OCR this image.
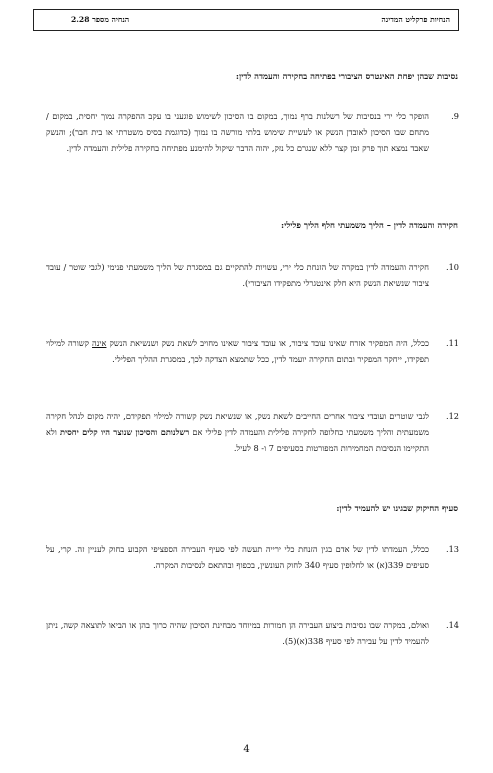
הנחיות פרקליט המדינה
הנחיה מספר 2.28
נסיבות שבהן יפחת האינטרס הציבורי בפתיחה בחקירה והעמדה לדין:
9.
הופקר כלי ירי בנסיבות של רשלנות ברף נמוך, במקום בו הסיכון לשימוש פוגעני בו עקב ההפקרה נמוך יחסית, במקום / מתחם שבו הסיכון לאובדן הנשק או לעשיית שימוש בלתי מורשה בו נמוך (כדוגמת בסיס משטרתי או בית חבר); והנשק שאבד נמצא תוך פרק זמן קצר ללא שנגרם כל נזק, יהוה הדבר שיקול להימנע מפתיחה בחקירה פלילית והעמדה לדין.
חקירה והעמדה לדין – הליך משמעתי חלף הליך פלילי:
10.
חקירה והעמדה לדין במקרה של הזנחת כלי ירי, עשויות להתקיים גם במסגרת של הליך משמעתי פנימי (לגבי שוטר / עובד ציבור שנשיאת הנשק היא חלק אינטגרלי מתפקידו הציבורי).
11.
ככלל, היה המפקיר אזרח שאינו עובד ציבור, או עובד ציבור שאינו מחויב לשאת נשק ושנשיאת הנשק אינה קשורה למילוי תפקידו, ייחקר המפקיר ובתום החקירה יועמד לדין, ככל שתמצא הצדקה לכך, במסגרת ההליך הפלילי.
12.
לגבי שוטרים ועובדי ציבור אחרים החייבים לשאת נשק, או שנשיאת נשק קשורה למילוי תפקידם, יהיה מקום לנהל חקירה משמעתית והליך משמעתי כחלופה לחקירה פלילית והעמדה לדין פלילי אם רשלנותם והסיכון שנוצר היו קלים יחסית ולא התקיימו הנסיבות המחמירות המפורטות בסעיפים 7 ו- 8 לעיל.
סעיף החיקוק שבגינו יש להעמיד לדין:
13.
ככלל, העמדתו לדין של אדם בגין הזנחת כלי ירייה תעשה לפי סעיף העבירה הספציפי הקבוע בחוק לעניין זה. קרי, על סעיפים 339(א) או לחלופין סעיף 340 לחוק העונשין, בכפוף ובהתאם לנסיבות המקרה.
14.
ואולם, במקרה שבו נסיבות ביצוע העבירה הן חמורות במיוחד מבחינת הסיכון שהיה כרוך בהן או הביאו לתוצאה קשה, ניתן להעמיד לדין על עבירה לפי סעיף 338(א)(5).
4
